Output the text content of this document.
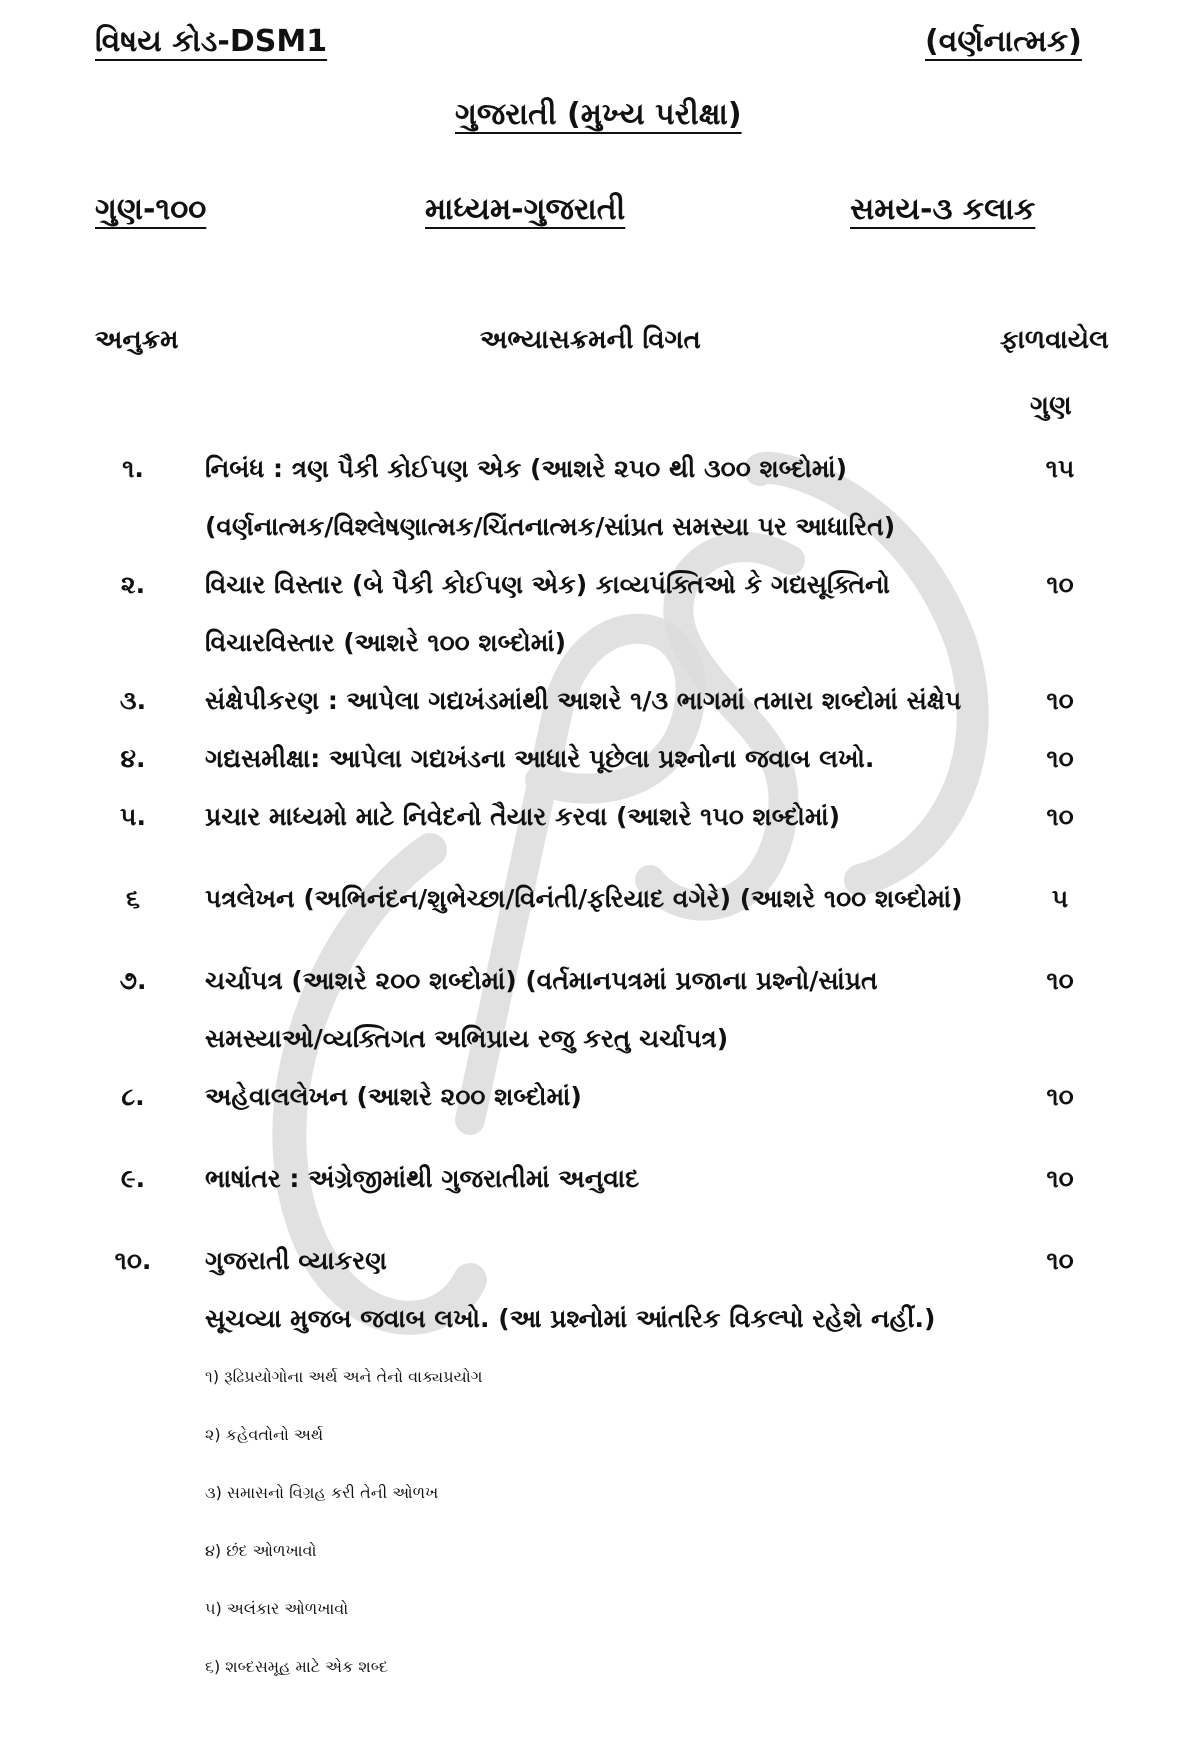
વિષય કોડ-DSM1	(વર્ણનાત્મક)
ગુજરાતી (મુખ્ય પરીક્ષા)
ગુણ-૧૦૦	માધ્યમ-ગુજરાતી	સમય-૩ કલાક
અનુક્રમ	અભ્યાસક્રમની વિગત	ફાળવાયેલ
ગુણ
૧.	નિબંધ : ત્રણ પૈકી કોઈપણ એક (આશરે ૨૫૦ થી ૩૦૦ શબ્દોમાં)	૧૫
(વર્ણનાત્મક/વિશ્લેષણાત્મક/ચિંતનાત્મક/સાંપ્રત સમસ્યા પર આધારિત)
૨.	વિચાર વિસ્તાર (બે પૈકી કોઈપણ એક) કાવ્યપંક્તિઓ કે ગદ્યસૂક્તિનો	૧૦
વિચારવિસ્તાર (આશરે ૧૦૦ શબ્દોમાં)
૩.	સંક્ષેપીકરણ : આપેલા ગદ્યખંડમાંથી આશરે ૧/૩ ભાગમાં તમારા શબ્દોમાં સંક્ષેપ	૧૦
૪.	ગદ્યસમીક્ષા: આપેલા ગદ્યખંડના આધારે પૂછેલા પ્રશ્નોના જવાબ લખો.	૧૦
૫.	પ્રચાર માધ્યમો માટે નિવેદનો તૈયાર કરવા (આશરે ૧૫૦ શબ્દોમાં)	૧૦
૬	પત્રલેખન (અભિનંદન/શુભેચ્છા/વિનંતી/ફરિયાદ વગેરે) (આશરે ૧૦૦ શબ્દોમાં)	૫
૭.	ચર્ચાપત્ર (આશરે ૨૦૦ શબ્દોમાં) (વર્તમાનપત્રમાં પ્રજાના પ્રશ્નો/સાંપ્રત	૧૦
સમસ્યાઓ/વ્યક્તિગત અભિપ્રાય રજુ કરતુ ચર્ચાપત્ર)
૮.	અહેવાલલેખન (આશરે ૨૦૦ શબ્દોમાં)	૧૦
૯.	ભાષાંતર : અંગ્રેજીમાંથી ગુજરાતીમાં અનુવાદ	૧૦
૧૦. ગુજરાતી વ્યાકરણ	૧૦
સૂચવ્યા મુજબ જવાબ લખો. (આ પ્રશ્નોમાં આંતરિક વિકલ્પો રહેશે નહીં.)
૧) રૂઢિપ્રયોગોના અર્થ અને તેનો વાક્યપ્રયોગ
૨) કહેવતોનો અર્થ
૩) સમાસનો વિગ્રહ કરી તેની ઓળખ
૪) છંદ ઓળખાવો
૫) અલંકાર ઓળખાવો
૬) શબ્દસમૂહ માટે એક શબ્દ
